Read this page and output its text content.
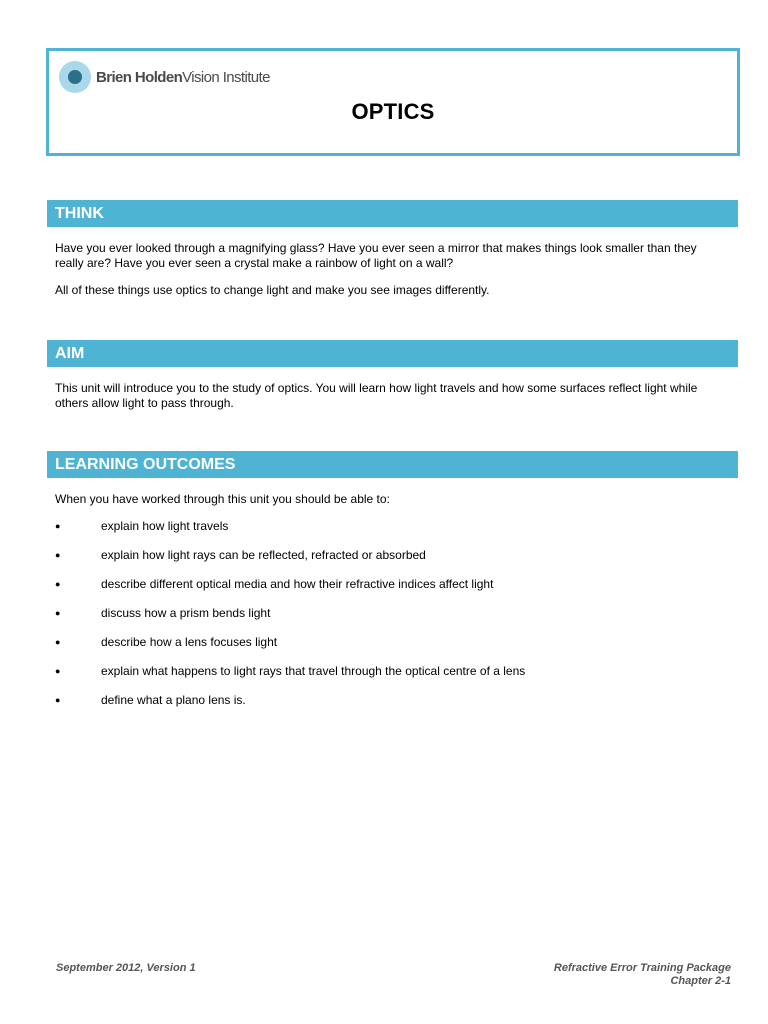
Brien HoldenVision Institute
OPTICS
THINK

Have you ever looked through a magnifying glass? Have you ever seen a mirror that makes things look smaller than they really are? Have you ever seen a crystal make a rainbow of light on a wall?

All of these things use optics to change light and make you see images differently.

AIM

This unit will introduce you to the study of optics. You will learn how light travels and how some surfaces reflect light while others allow light to pass through.

LEARNING OUTCOMES

When you have worked through this unit you should be able to:

●	explain how light travels
●	explain how light rays can be reflected, refracted or absorbed
●	describe different optical media and how their refractive indices affect light
●	discuss how a prism bends light
●	describe how a lens focuses light
●	explain what happens to light rays that travel through the optical centre of a lens
●	define what a plano lens is.
September 2012, Version 1	Refractive Error Training Package
Chapter 2-1
